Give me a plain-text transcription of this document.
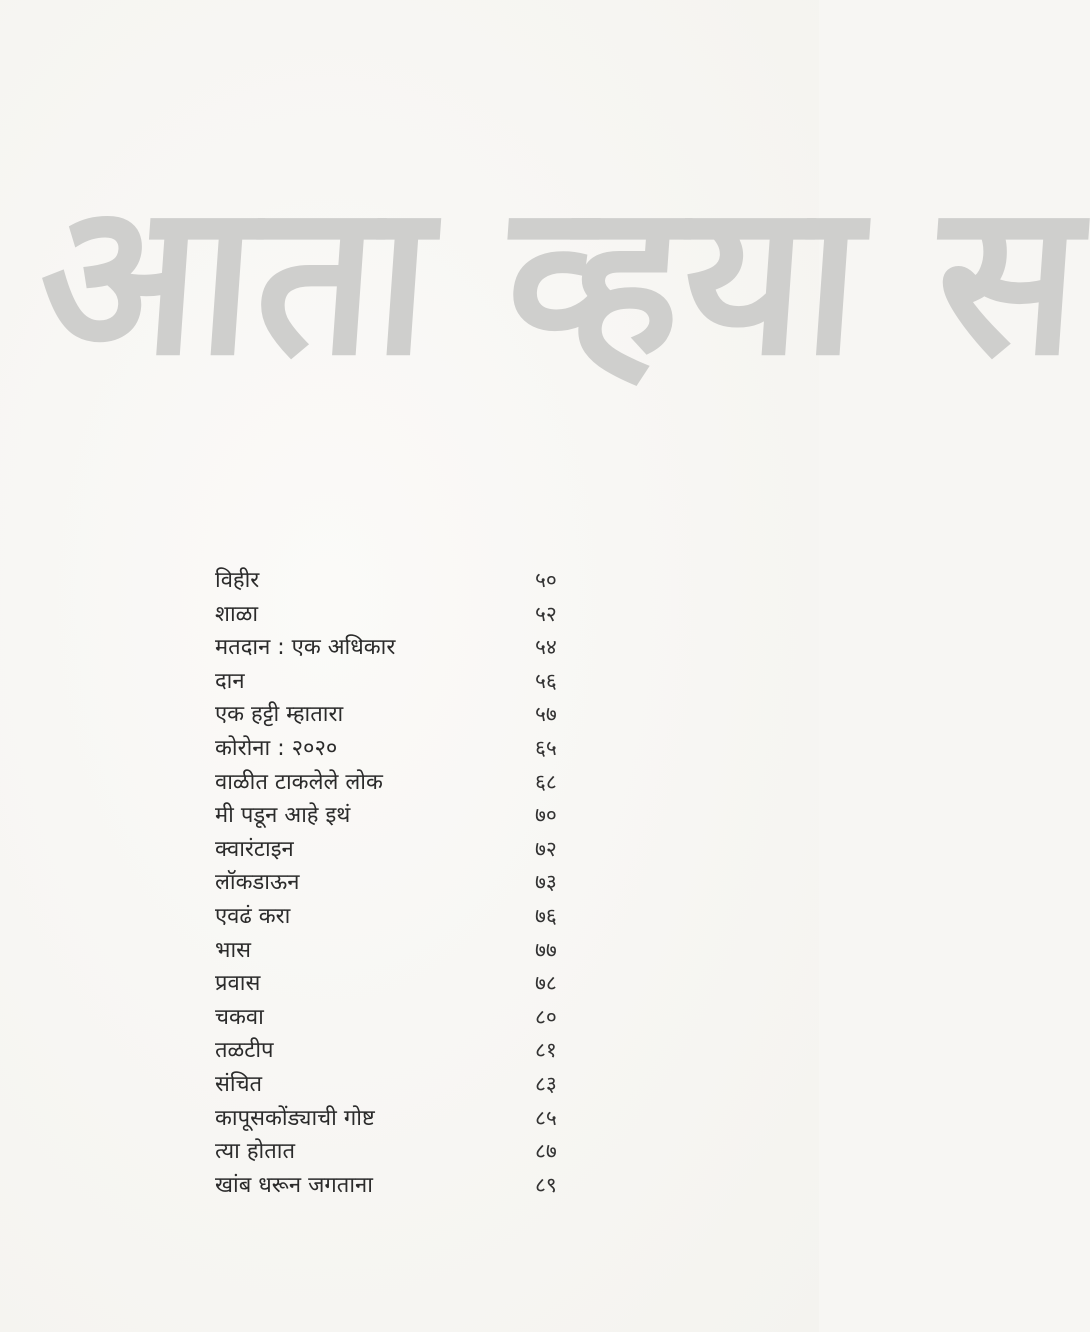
आता व्हया स
विहीर	५०
शाळा	५२
मतदान : एक अधिकार	५४
दान	५६
एक हट्टी म्हातारा	५७
कोरोना : २०२०	६५
वाळीत टाकलेले लोक	६८
मी पडून आहे इथं	७०
क्वारंटाइन	७२
लॉकडाऊन	७३
एवढं करा	७६
भास	७७
प्रवास	७८
चकवा	८०
तळटीप	८१
संचित	८३
कापूसकोंड्याची गोष्ट	८५
त्या होतात	८७
खांब धरून जगताना	८९
